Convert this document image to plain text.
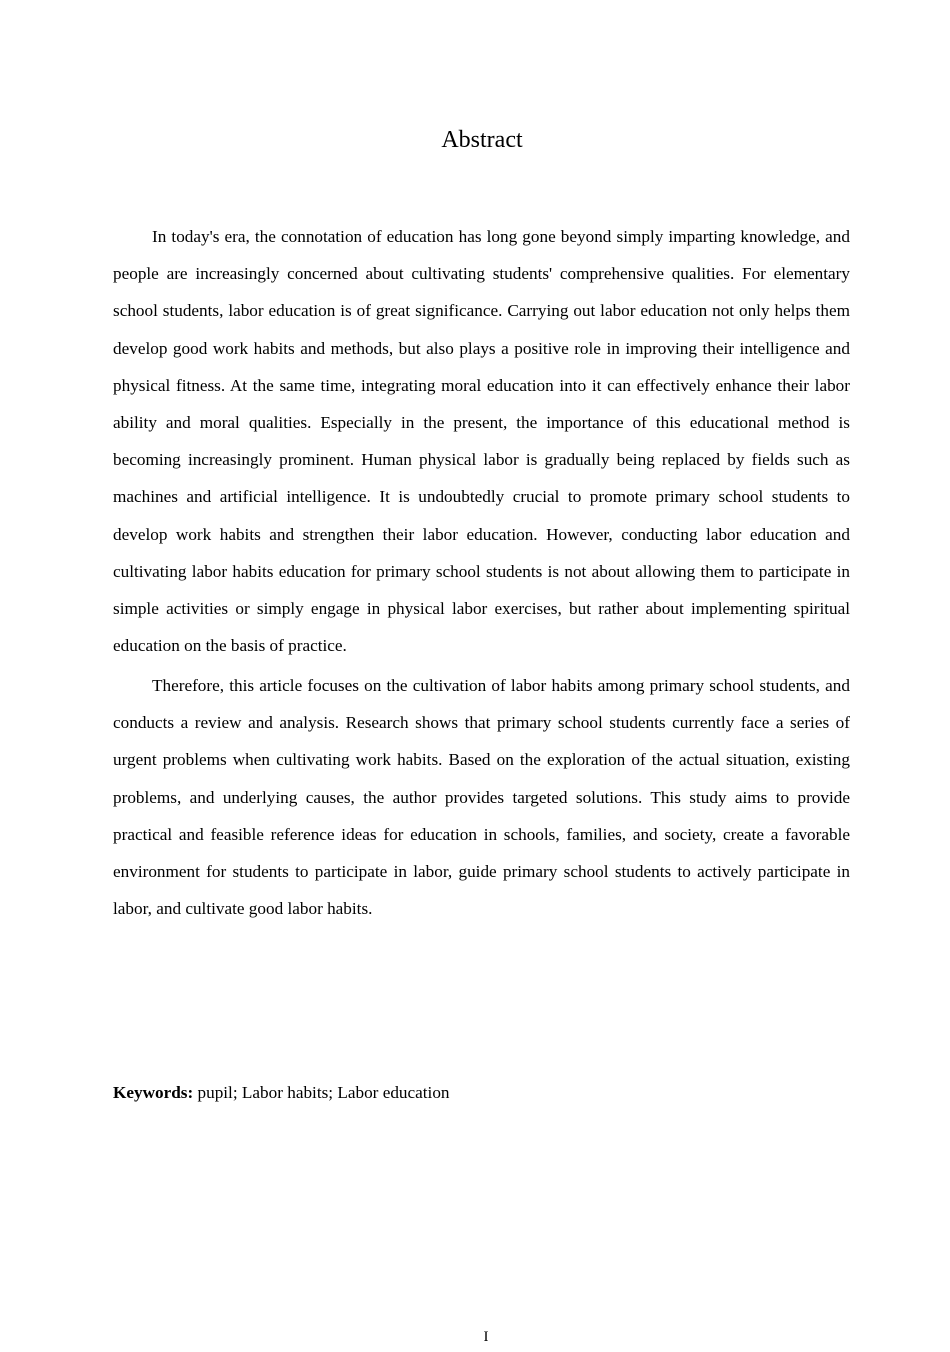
Abstract

In today's era, the connotation of education has long gone beyond simply imparting knowledge, and people are increasingly concerned about cultivating students' comprehensive qualities. For elementary school students, labor education is of great significance. Carrying out labor education not only helps them develop good work habits and methods, but also plays a positive role in improving their intelligence and physical fitness. At the same time, integrating moral education into it can effectively enhance their labor ability and moral qualities. Especially in the present, the importance of this educational method is becoming increasingly prominent. Human physical labor is gradually being replaced by fields such as machines and artificial intelligence. It is undoubtedly crucial to promote primary school students to develop work habits and strengthen their labor education. However, conducting labor education and cultivating labor habits education for primary school students is not about allowing them to participate in simple activities or simply engage in physical labor exercises, but rather about implementing spiritual education on the basis of practice.

Therefore, this article focuses on the cultivation of labor habits among primary school students, and conducts a review and analysis. Research shows that primary school students currently face a series of urgent problems when cultivating work habits. Based on the exploration of the actual situation, existing problems, and underlying causes, the author provides targeted solutions. This study aims to provide practical and feasible reference ideas for education in schools, families, and society, create a favorable environment for students to participate in labor, guide primary school students to actively participate in labor, and cultivate good labor habits.

Keywords: pupil; Labor habits; Labor education

I
